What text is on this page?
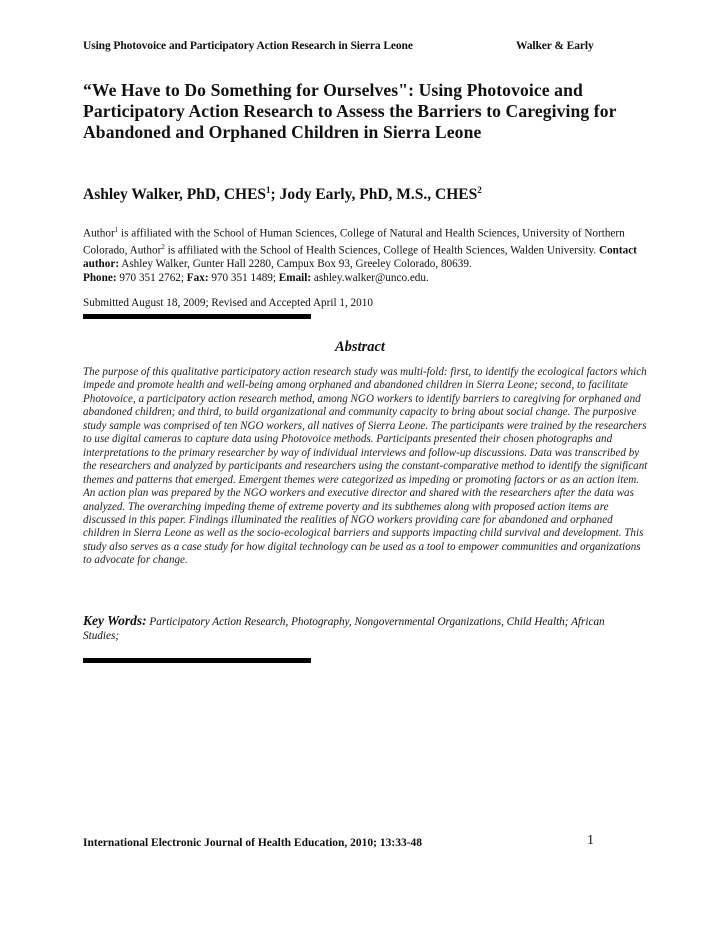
Using Photovoice and Participatory Action Research in Sierra Leone	Walker & Early
“We Have to Do Something for Ourselves": Using Photovoice and Participatory Action Research to Assess the Barriers to Caregiving for Abandoned and Orphaned Children in Sierra Leone
Ashley Walker, PhD, CHES$^1$; Jody Early, PhD, M.S., CHES$^2$
Author$^1$ is affiliated with the School of Human Sciences, College of Natural and Health Sciences, University of Northern Colorado, Author$^2$ is affiliated with the School of Health Sciences, College of Health Sciences, Walden University. Contact author: Ashley Walker, Gunter Hall 2280, Campux Box 93, Greeley Colorado, 80639.
Phone: 970 351 2762; Fax: 970 351 1489; Email: ashley.walker@unco.edu.
Submitted August 18, 2009; Revised and Accepted April 1, 2010
Abstract
The purpose of this qualitative participatory action research study was multi-fold: first, to identify the ecological factors which impede and promote health and well-being among orphaned and abandoned children in Sierra Leone; second, to facilitate Photovoice, a participatory action research method, among NGO workers to identify barriers to caregiving for orphaned and abandoned children; and third, to build organizational and community capacity to bring about social change. The purposive study sample was comprised of ten NGO workers, all natives of Sierra Leone. The participants were trained by the researchers to use digital cameras to capture data using Photovoice methods. Participants presented their chosen photographs and interpretations to the primary researcher by way of individual interviews and follow-up discussions. Data was transcribed by the researchers and analyzed by participants and researchers using the constant-comparative method to identify the significant themes and patterns that emerged. Emergent themes were categorized as impeding or promoting factors or as an action item. An action plan was prepared by the NGO workers and executive director and shared with the researchers after the data was analyzed. The overarching impeding theme of extreme poverty and its subthemes along with proposed action items are discussed in this paper. Findings illuminated the realities of NGO workers providing care for abandoned and orphaned children in Sierra Leone as well as the socio-ecological barriers and supports impacting child survival and development. This study also serves as a case study for how digital technology can be used as a tool to empower communities and organizations to advocate for change.
Key Words: Participatory Action Research, Photography, Nongovernmental Organizations, Child Health; African Studies;
International Electronic Journal of Health Education, 2010; 13:33-48	1
